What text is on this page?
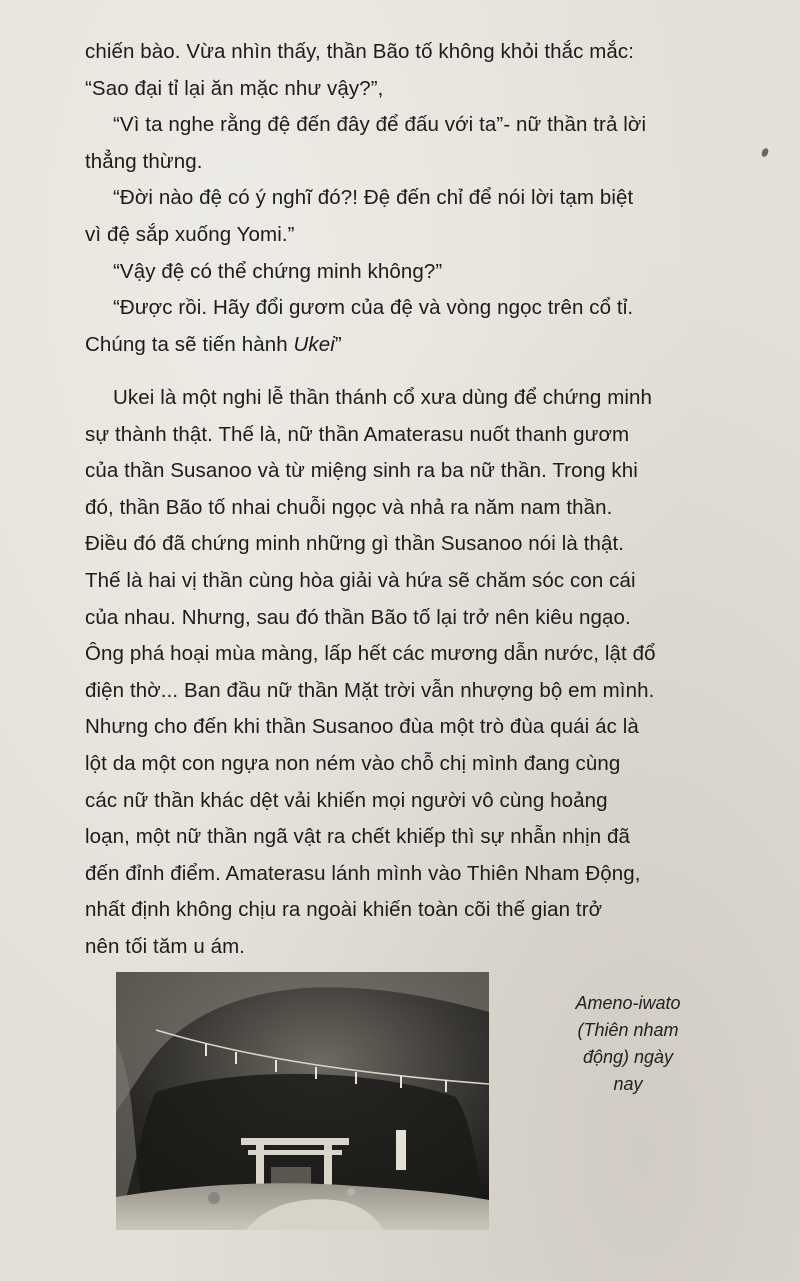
chiến bào. Vừa nhìn thấy, thần Bão tố không khỏi thắc mắc:
“Sao đại tỉ lại ăn mặc như vậy?”,
“Vì ta nghe rằng đệ đến đây để đấu với ta”- nữ thần trả lời
thẳng thừng.
“Đời nào đệ có ý nghĩ đó?! Đệ đến chỉ để nói lời tạm biệt
vì đệ sắp xuống Yomi.”
“Vậy đệ có thể chứng minh không?”
“Được rồi. Hãy đổi gươm của đệ và vòng ngọc trên cổ tỉ.
Chúng ta sẽ tiến hành Ukei”
Ukei là một nghi lễ thần thánh cổ xưa dùng để chứng minh
sự thành thật. Thế là, nữ thần Amaterasu nuốt thanh gươm
của thần Susanoo và từ miệng sinh ra ba nữ thần. Trong khi
đó, thần Bão tố nhai chuỗi ngọc và nhả ra năm nam thần.
Điều đó đã chứng minh những gì thần Susanoo nói là thật.
Thế là hai vị thần cùng hòa giải và hứa sẽ chăm sóc con cái
của nhau. Nhưng, sau đó thần Bão tố lại trở nên kiêu ngạo.
Ông phá hoại mùa màng, lấp hết các mương dẫn nước, lật đổ
điện thờ... Ban đầu nữ thần Mặt trời vẫn nhượng bộ em mình.
Nhưng cho đến khi thần Susanoo đùa một trò đùa quái ác là
lột da một con ngựa non ném vào chỗ chị mình đang cùng
các nữ thần khác dệt vải khiến mọi người vô cùng hoảng
loạn, một nữ thần ngã vật ra chết khiếp thì sự nhẫn nhịn đã
đến đỉnh điểm. Amaterasu lánh mình vào Thiên Nham Động,
nhất định không chịu ra ngoài khiến toàn cõi thế gian trở
nên tối tăm u ám.
Ameno-iwato
(Thiên nham
động) ngày
nay
